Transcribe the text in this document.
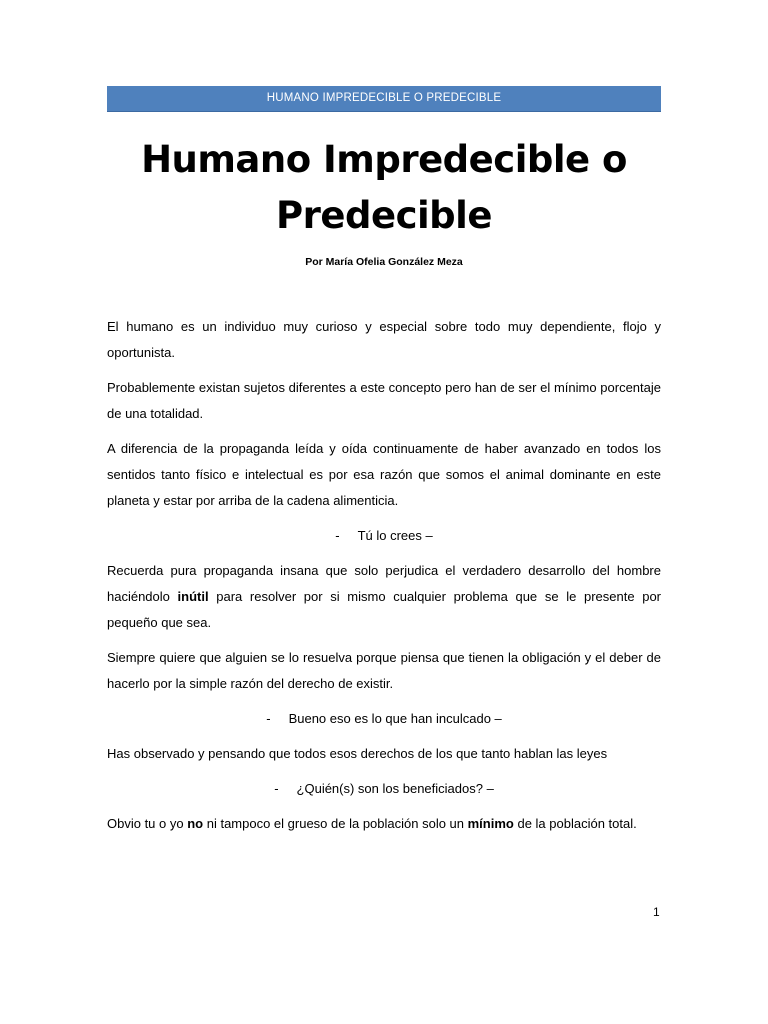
HUMANO IMPREDECIBLE O PREDECIBLE
Humano Impredecible o
Predecible
Por María Ofelia González Meza

El humano es un individuo muy curioso y especial sobre todo muy dependiente, flojo y oportunista.

Probablemente existan sujetos diferentes a este concepto pero han de ser el mínimo porcentaje de una totalidad.

A diferencia de la propaganda leída y oída continuamente de haber avanzado en todos los sentidos tanto físico e intelectual es por esa razón que somos el animal dominante en este planeta y estar por arriba de la cadena alimenticia.

- Tú lo crees –

Recuerda pura propaganda insana que solo perjudica el verdadero desarrollo del hombre haciéndolo inútil para resolver por si mismo cualquier problema que se le presente por pequeño que sea.

Siempre quiere que alguien se lo resuelva porque piensa que tienen la obligación y el deber de hacerlo por la simple razón del derecho de existir.

- Bueno eso es lo que han inculcado –

Has observado y pensando que todos esos derechos de los que tanto hablan las leyes

- ¿Quién(s) son los beneficiados? –

Obvio tu o yo no ni tampoco el grueso de la población solo un mínimo de la población total.

1
